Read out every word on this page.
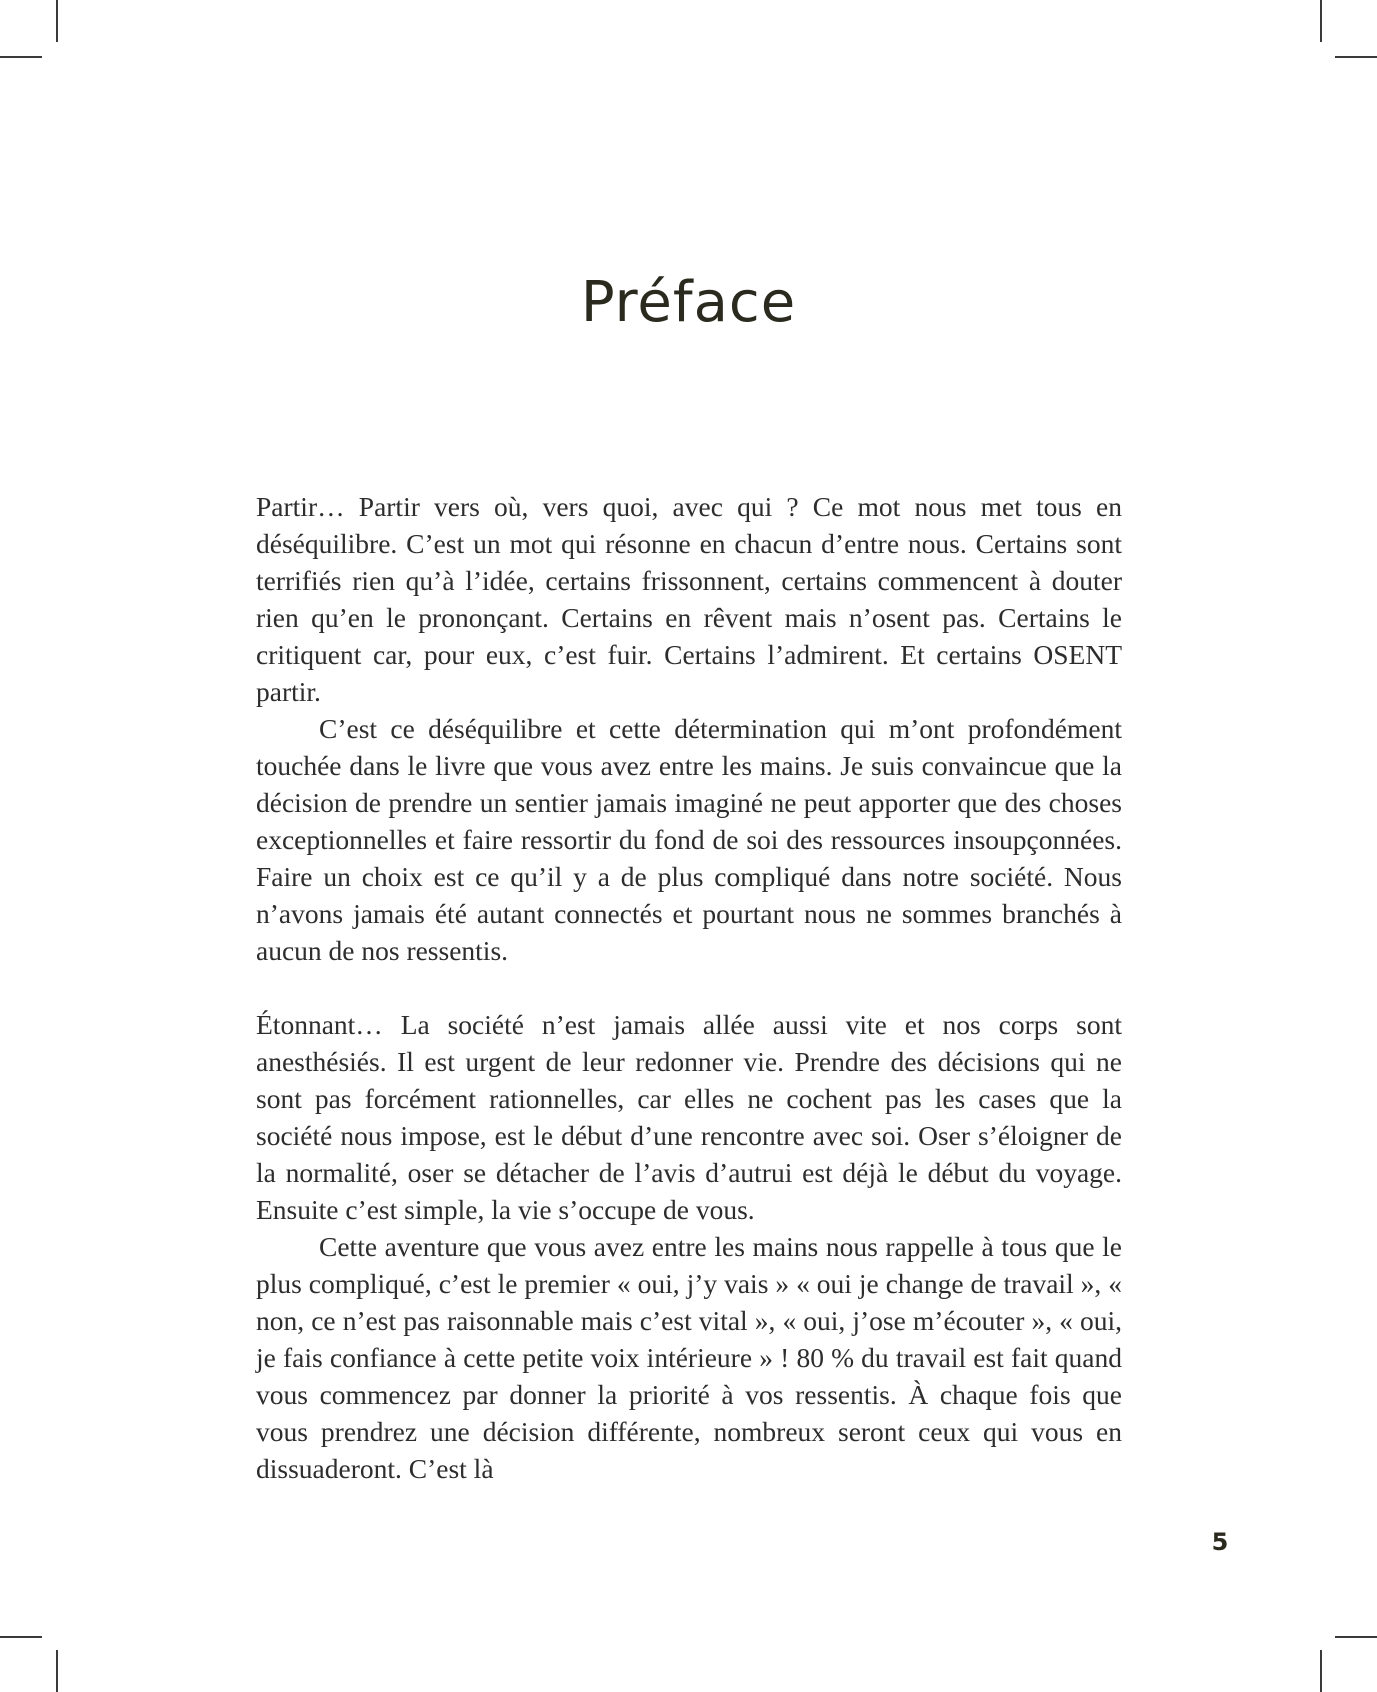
Préface

Partir… Partir vers où, vers quoi, avec qui ? Ce mot nous met tous en déséquilibre. C’est un mot qui résonne en chacun d’entre nous. Certains sont terrifiés rien qu’à l’idée, certains frissonnent, certains commencent à douter rien qu’en le prononçant. Certains en rêvent mais n’osent pas. Certains le critiquent car, pour eux, c’est fuir. Certains l’admirent. Et certains OSENT partir.

C’est ce déséquilibre et cette détermination qui m’ont profondément touchée dans le livre que vous avez entre les mains. Je suis convaincue que la décision de prendre un sentier jamais imaginé ne peut apporter que des choses exceptionnelles et faire ressortir du fond de soi des ressources insoupçonnées. Faire un choix est ce qu’il y a de plus compliqué dans notre société. Nous n’avons jamais été autant connectés et pourtant nous ne sommes branchés à aucun de nos ressentis.

Étonnant… La société n’est jamais allée aussi vite et nos corps sont anesthésiés. Il est urgent de leur redonner vie. Prendre des décisions qui ne sont pas forcément rationnelles, car elles ne cochent pas les cases que la société nous impose, est le début d’une rencontre avec soi. Oser s’éloigner de la normalité, oser se détacher de l’avis d’autrui est déjà le début du voyage. Ensuite c’est simple, la vie s’occupe de vous.

Cette aventure que vous avez entre les mains nous rappelle à tous que le plus compliqué, c’est le premier « oui, j’y vais » « oui je change de travail », « non, ce n’est pas raisonnable mais c’est vital », « oui, j’ose m’écouter », « oui, je fais confiance à cette petite voix intérieure » ! 80 % du travail est fait quand vous commencez par donner la priorité à vos ressentis. À chaque fois que vous prendrez une décision différente, nombreux seront ceux qui vous en dissuaderont. C’est là

5
